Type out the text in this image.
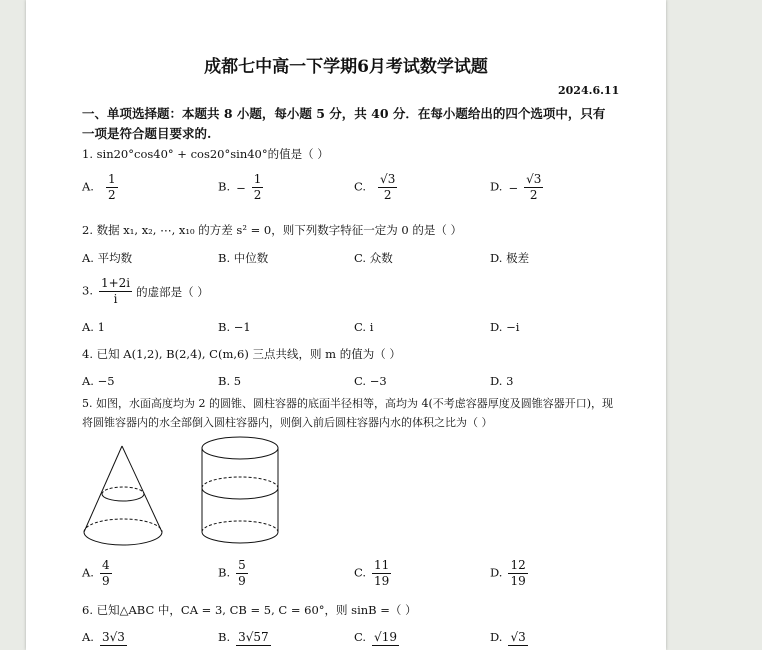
成都七中高一下学期6月考试数学试题
2024.6.11
一、单项选择题：本题共 8 小题，每小题 5 分，共 40 分．在每小题给出的四个选项中，只有
一项是符合题目要求的.
1. sin20°cos40° + cos20°sin40°的值是（ ）
A. $\frac{1}{2}$	B. − $\frac{1}{2}$	C. $\frac{√3}{2}$	D. − $\frac{√3}{2}$
2. 数据 x₁, x₂, ⋯, x₁₀ 的方差 s² = 0，则下列数字特征一定为 0 的是（ ）
A. 平均数	B. 中位数	C. 众数	D. 极差
3. $\frac{1+2i}{i}$ 的虚部是（ ）
A. 1	B. −1	C. i	D. −i
4. 已知 A(1,2), B(2,4), C(m,6) 三点共线，则 m 的值为（ ）
A. −5	B. 5	C. −3	D. 3
5. 如图，水面高度均为 2 的圆锥、圆柱容器的底面半径相等，高均为 4(不考虑容器厚度及圆锥容器开口)，现
将圆锥容器内的水全部倒入圆柱容器内，则倒入前后圆柱容器内水的体积之比为（ ）
A. $\frac{4}{9}$	B. $\frac{5}{9}$	C. $\frac{11}{19}$	D. $\frac{12}{19}$
6. 已知△ABC 中，CA = 3, CB = 5, C = 60°，则 sinB =（ ）
A. 3√3	B. 3√57	C. √19	D. √3
